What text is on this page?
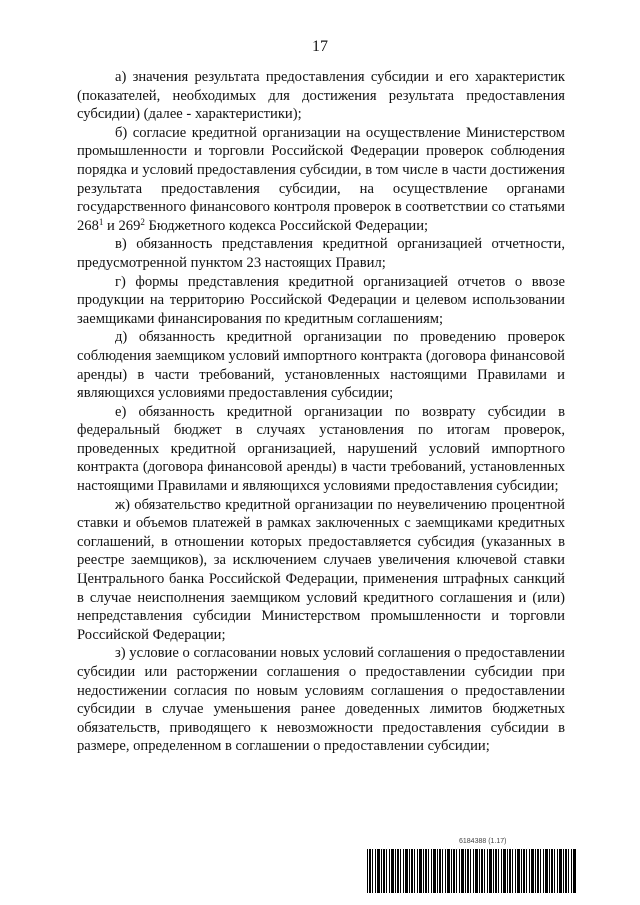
17

а) значения результата предоставления субсидии и его характеристик (показателей, необходимых для достижения результата предоставления субсидии) (далее - характеристики);

б) согласие кредитной организации на осуществление Министерством промышленности и торговли Российской Федерации проверок соблюдения порядка и условий предоставления субсидии, в том числе в части достижения результата предоставления субсидии, на осуществление органами государственного финансового контроля проверок в соответствии со статьями $268^1$ и $269^2$ Бюджетного кодекса Российской Федерации;

в) обязанность представления кредитной организацией отчетности, предусмотренной пунктом 23 настоящих Правил;

г) формы представления кредитной организацией отчетов о ввозе продукции на территорию Российской Федерации и целевом использовании заемщиками финансирования по кредитным соглашениям;

д) обязанность кредитной организации по проведению проверок соблюдения заемщиком условий импортного контракта (договора финансовой аренды) в части требований, установленных настоящими Правилами и являющихся условиями предоставления субсидии;

е) обязанность кредитной организации по возврату субсидии в федеральный бюджет в случаях установления по итогам проверок, проведенных кредитной организацией, нарушений условий импортного контракта (договора финансовой аренды) в части требований, установленных настоящими Правилами и являющихся условиями предоставления субсидии;

ж) обязательство кредитной организации по неувеличению процентной ставки и объемов платежей в рамках заключенных с заемщиками кредитных соглашений, в отношении которых предоставляется субсидия (указанных в реестре заемщиков), за исключением случаев увеличения ключевой ставки Центрального банка Российской Федерации, применения штрафных санкций в случае неисполнения заемщиком условий кредитного соглашения и (или) непредставления субсидии Министерством промышленности и торговли Российской Федерации;

з) условие о согласовании новых условий соглашения о предоставлении субсидии или расторжении соглашения о предоставлении субсидии при недостижении согласия по новым условиям соглашения о предоставлении субсидии в случае уменьшения ранее доведенных лимитов бюджетных обязательств, приводящего к невозможности предоставления субсидии в размере, определенном в соглашении о предоставлении субсидии;

6184388 (1.17)
